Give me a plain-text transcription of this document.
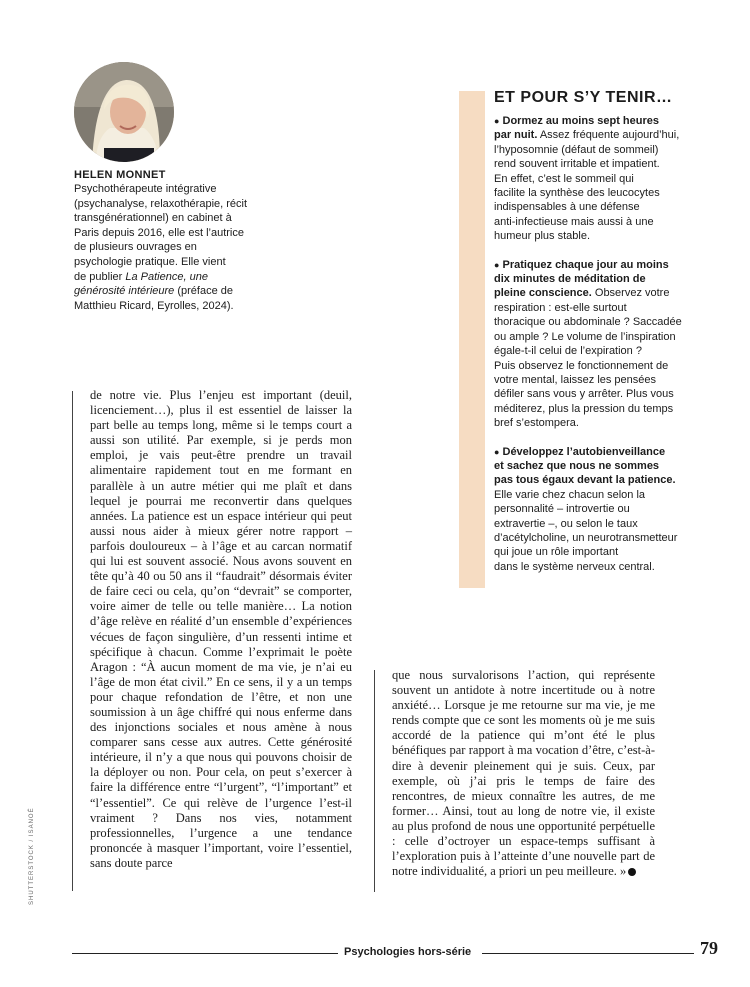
HELEN MONNET
Psychothérapeute intégrative
(psychanalyse, relaxothérapie, récit
transgénérationnel) en cabinet à
Paris depuis 2016, elle est l’autrice
de plusieurs ouvrages en
psychologie pratique. Elle vient
de publier La Patience, une
générosité intérieure (préface de
Matthieu Ricard, Eyrolles, 2024).
ET POUR S’Y TENIR…
● Dormez au moins sept heures
par nuit. Assez fréquente aujourd’hui,
l’hyposomnie (défaut de sommeil)
rend souvent irritable et impatient.
En effet, c’est le sommeil qui
facilite la synthèse des leucocytes
indispensables à une défense
anti-infectieuse mais aussi à une
humeur plus stable.
● Pratiquez chaque jour au moins
dix minutes de méditation de
pleine conscience. Observez votre
respiration : est-elle surtout
thoracique ou abdominale ? Saccadée
ou ample ? Le volume de l’inspiration
égale-t-il celui de l’expiration ?
Puis observez le fonctionnement de
votre mental, laissez les pensées
défiler sans vous y arrêter. Plus vous
méditerez, plus la pression du temps
bref s’estompera.
● Développez l’autobienveillance
et sachez que nous ne sommes
pas tous égaux devant la patience.
Elle varie chez chacun selon la
personnalité – introvertie ou
extravertie –, ou selon le taux
d’acétylcholine, un neurotransmetteur
qui joue un rôle important
dans le système nerveux central.
de notre vie. Plus l’enjeu est important (deuil, licenciement…), plus il est essentiel de laisser la part belle au temps long, même si le temps court a aussi son utilité. Par exemple, si je perds mon emploi, je vais peut-être prendre un travail alimentaire rapidement tout en me formant en parallèle à un autre métier qui me plaît et dans lequel je pourrai me reconvertir dans quelques années. La patience est un espace intérieur qui peut aussi nous aider à mieux gérer notre rapport – parfois douloureux – à l’âge et au carcan normatif qui lui est souvent associé. Nous avons souvent en tête qu’à 40 ou 50 ans il “faudrait” désormais éviter de faire ceci ou cela, qu’on “devrait” se comporter, voire aimer de telle ou telle manière… La notion d’âge relève en réalité d’un ensemble d’expériences vécues de façon singulière, d’un ressenti intime et spécifique à chacun. Comme l’exprimait le poète Aragon : “À aucun moment de ma vie, je n’ai eu l’âge de mon état civil.” En ce sens, il y a un temps pour chaque refondation de l’être, et non une soumission à un âge chiffré qui nous enferme dans des injonctions sociales et nous amène à nous comparer sans cesse aux autres. Cette générosité intérieure, il n’y a que nous qui pouvons choisir de la déployer ou non. Pour cela, on peut s’exercer à faire la différence entre “l’urgent”, “l’important” et “l’essentiel”. Ce qui relève de l’urgence l’est-il vraiment ? Dans nos vies, notamment professionnelles, l’urgence a une tendance prononcée à masquer l’important, voire l’essentiel, sans doute parce
que nous survalorisons l’action, qui représente souvent un antidote à notre incertitude ou à notre anxiété… Lorsque je me retourne sur ma vie, je me rends compte que ce sont les moments où je me suis accordé de la patience qui m’ont été le plus bénéfiques par rapport à ma vocation d’être, c’est-à-dire à devenir pleinement qui je suis. Ceux, par exemple, où j’ai pris le temps de faire des rencontres, de mieux connaître les autres, de me former… Ainsi, tout au long de notre vie, il existe au plus profond de nous une opportunité perpétuelle : celle d’octroyer un espace-temps suffisant à l’exploration puis à l’atteinte d’une nouvelle part de notre individualité, a priori un peu meilleure. »
SHUTTERSTOCK / ISANOÉ
Psychologies hors-série	79
